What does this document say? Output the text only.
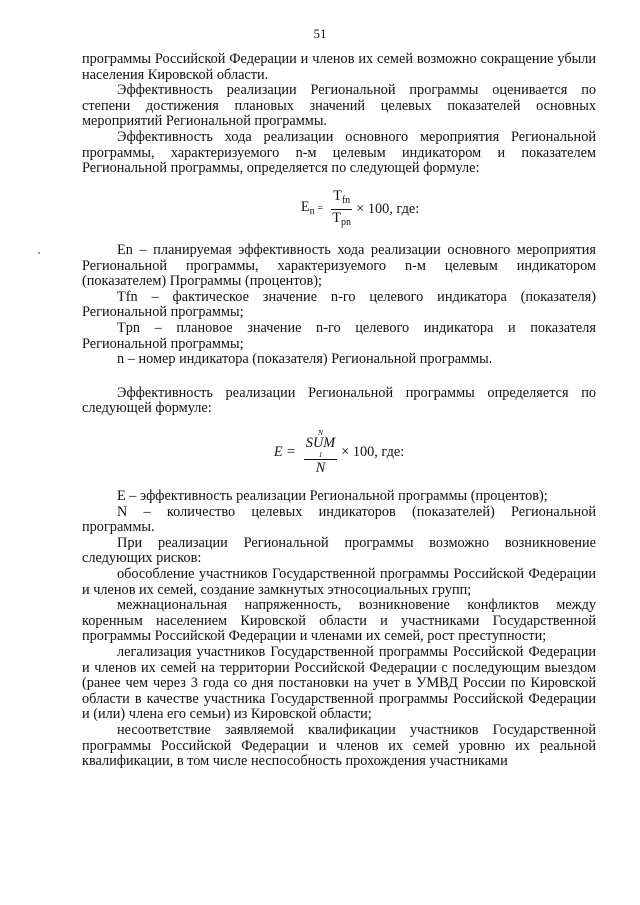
51

программы Российской Федерации и членов их семей возможно сокращение убыли населения Кировской области.

Эффективность реализации Региональной программы оценивается по степени достижения плановых значений целевых показателей основных мероприятий Региональной программы.

Эффективность хода реализации основного мероприятия Региональной программы, характеризуемого n-м целевым индикатором и показателем Региональной программы, определяется по следующей формуле:

$E_n = \frac{T_{fn}}{T_{pn}} \times 100$, где:

En – планируемая эффективность хода реализации основного мероприятия Региональной программы, характеризуемого n-м целевым индикатором (показателем) Программы (процентов);

Tfn – фактическое значение n-го целевого индикатора (показателя) Региональной программы;

Tpn – плановое значение n-го целевого индикатора и показателя Региональной программы;

n – номер индикатора (показателя) Региональной программы.

Эффективность реализации Региональной программы определяется по следующей формуле:

E = N
SUM
1
N × 100, где:

E – эффективность реализации Региональной программы (процентов);

N – количество целевых индикаторов (показателей) Региональной программы.

При реализации Региональной программы возможно возникновение следующих рисков:

обособление участников Государственной программы Российской Федерации и членов их семей, создание замкнутых этносоциальных групп;

межнациональная напряженность, возникновение конфликтов между коренным населением Кировской области и участниками Государственной программы Российской Федерации и членами их семей, рост преступности;

легализация участников Государственной программы Российской Федерации и членов их семей на территории Российской Федерации с последующим выездом (ранее чем через 3 года со дня постановки на учет в УМВД России по Кировской области в качестве участника Государственной программы Российской Федерации и (или) члена его семьи) из Кировской области;

несоответствие заявляемой квалификации участников Государственной программы Российской Федерации и членов их семей уровню их реальной квалификации, в том числе неспособность прохождения участниками
